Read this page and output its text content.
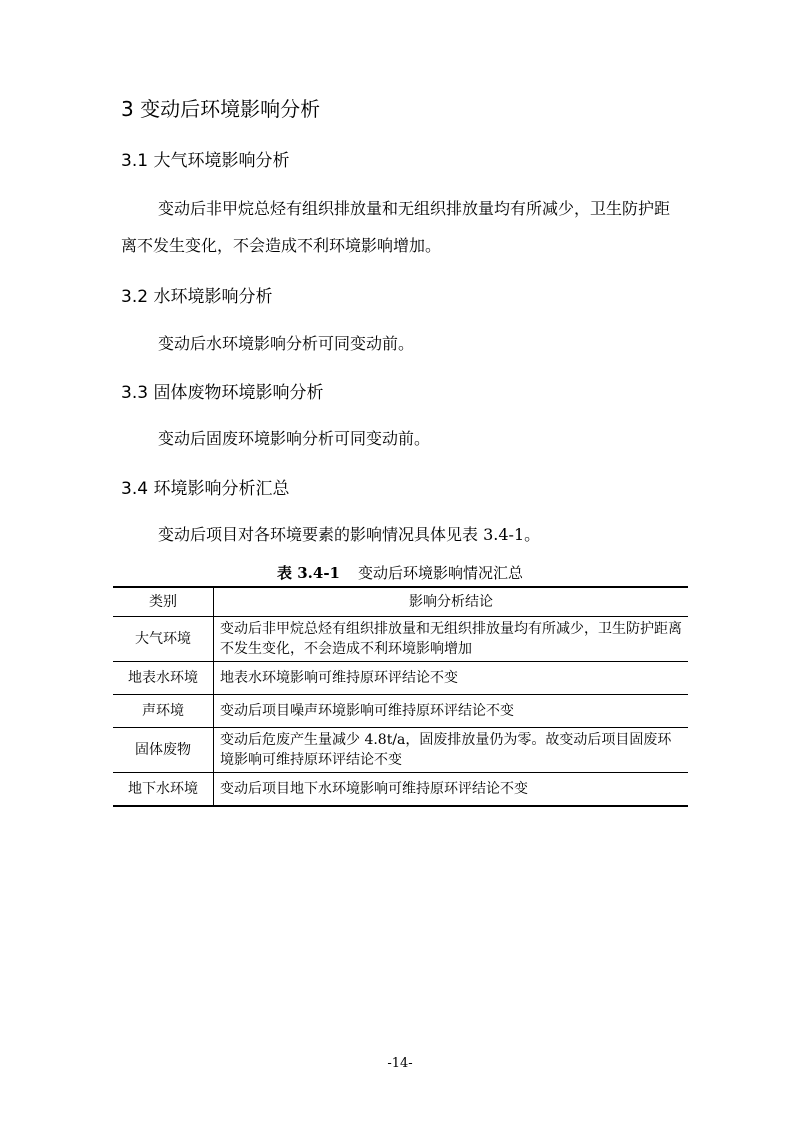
3 变动后环境影响分析
3.1 大气环境影响分析

变动后非甲烷总烃有组织排放量和无组织排放量均有所减少，卫生防护距离不发生变化，不会造成不利环境影响增加。

3.2 水环境影响分析

变动后水环境影响分析可同变动前。

3.3 固体废物环境影响分析

变动后固废环境影响分析可同变动前。

3.4 环境影响分析汇总

变动后项目对各环境要素的影响情况具体见表 3.4-1。

表 3.4-1 变动后环境影响情况汇总
类别	影响分析结论
大气环境	变动后非甲烷总烃有组织排放量和无组织排放量均有所减少，卫生防护距离不发生变化，不会造成不利环境影响增加
地表水环境	地表水环境影响可维持原环评结论不变
声环境	变动后项目噪声环境影响可维持原环评结论不变
固体废物	变动后危废产生量减少 4.8t/a，固废排放量仍为零。故变动后项目固废环境影响可维持原环评结论不变
地下水环境	变动后项目地下水环境影响可维持原环评结论不变
-14-
